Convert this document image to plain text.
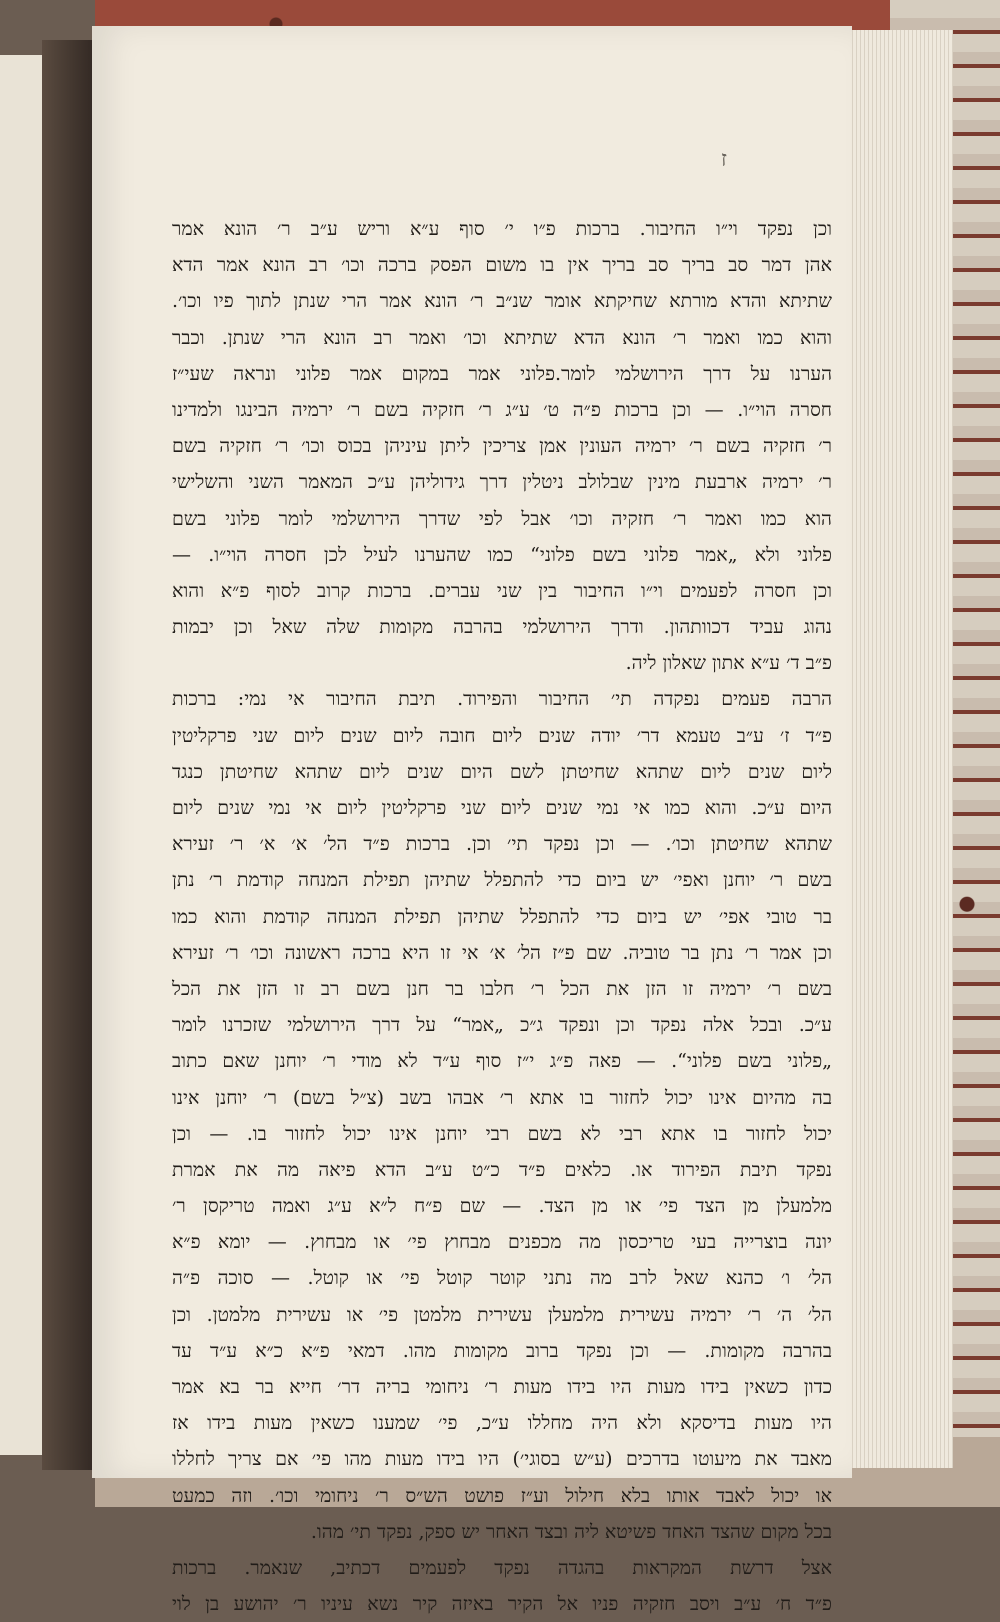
ז
וכן נפקד וי״ו החיבור. ברכות פ״ו י׳ סוף ע״א וריש ע״ב ר׳ הונא אמר
אהן דמר סב בריך סב בריך אין בו משום הפסק ברכה וכו׳ רב הונא אמר הדא
שתיתא והדא מורתא שחיקתא אומר שנ״ב ר׳ הונא אמר הרי שנתן לתוך פיו וכו׳.
והוא כמו ואמר ר׳ הונא הדא שתיתא וכו׳ ואמר רב הונא הרי שנתן. וכבר
הערנו על דרך הירושלמי לומר.פלוני אמר במקום אמר פלוני ונראה שעי״ז
חסרה הוי״ו. — וכן ברכות פ״ה ט׳ ע״ג ר׳ חזקיה בשם ר׳ ירמיה הבינגו ולמדינו
ר׳ חזקיה בשם ר׳ ירמיה העונין אמן צריכין ליתן עיניהן בכוס וכו׳ ר׳ חזקיה בשם
ר׳ ירמיה ארבעת מינין שבלולב ניטלין דרך גידוליהן ע״כ המאמר השני והשלישי
הוא כמו ואמר ר׳ חזקיה וכו׳ אבל לפי שדרך הירושלמי לומר פלוני בשם
פלוני ולא „אמר פלוני בשם פלוני“ כמו שהערנו לעיל לכן חסרה הוי״ו. —
וכן חסרה לפעמים וי״ו החיבור בין שני עברים. ברכות קרוב לסוף פ״א והוא
נהוג עביד דכוותהון. ודרך הירושלמי בהרבה מקומות שלה שאל וכן יבמות
פ״ב ד׳ ע״א אתון שאלון ליה.
הרבה פעמים נפקדה תי׳ החיבור והפירוד. תיבת החיבור אי נמי: ברכות
פ״ד ז׳ ע״ב טעמא דר׳ יודה שנים ליום חובה ליום שנים ליום שני פרקליטין
ליום שנים ליום שתהא שחיטתן לשם היום שנים ליום שתהא שחיטתן כנגד
היום ע״כ. והוא כמו אי נמי שנים ליום שני פרקליטין ליום אי נמי שנים ליום
שתהא שחיטתן וכו׳. — וכן נפקד תי׳ וכן. ברכות פ״ד הל׳ א׳ א׳ ר׳ זעירא
בשם ר׳ יוחנן ואפי׳ יש ביום כדי להתפלל שתיהן תפילת המנחה קודמת ר׳ נתן
בר טובי אפי׳ יש ביום כדי להתפלל שתיהן תפילת המנחה קודמת והוא כמו
וכן אמר ר׳ נתן בר טוביה. שם פ״ז הל׳ א׳ אי זו היא ברכה ראשונה וכו׳ ר׳ זעירא
בשם ר׳ ירמיה זו הזן את הכל ר׳ חלבו בר חנן בשם רב זו הזן את הכל
ע״כ. ובכל אלה נפקד וכן ונפקד ג״כ „אמר“ על דרך הירושלמי שזכרנו לומר
„פלוני בשם פלוני“. — פאה פ״ג י״ז סוף ע״ד לא מודי ר׳ יוחנן שאם כתוב
בה מהיום אינו יכול לחזור בו אתא ר׳ אבהו בשב (צ״ל בשם) ר׳ יוחנן אינו
יכול לחזור בו אתא רבי לא בשם רבי יוחנן אינו יכול לחזור בו. — וכן
נפקד תיבת הפירוד או. כלאים פ״ד כ״ט ע״ב הדא פיאה מה את אמרת
מלמעלן מן הצד פי׳ או מן הצד. — שם פ״ח ל״א ע״ג ואמה טריקסן ר׳
יונה בוצרייה בעי טריכסון מה מכפנים מבחוץ פי׳ או מבחוץ. — יומא פ״א
הל׳ ו׳ כהנא שאל לרב מה נתני קוטר קוטל פי׳ או קוטל. — סוכה פ״ה
הל׳ ה׳ ר׳ ירמיה עשירית מלמעלן עשירית מלמטן פי׳ או עשירית מלמטן. וכן
בהרבה מקומות. — וכן נפקד ברוב מקומות מהו. דמאי פ״א כ״א ע״ד עד
כדון כשאין בידו מעות היו בידו מעות ר׳ ניחומי בריה דר׳ חייא בר בא אמר
היו מעות בדיסקא ולא היה מחללו ע״כ, פי׳ שמענו כשאין מעות בידו אז
מאבד את מיעוטו בדרכים (ע״ש בסוגי׳) היו בידו מעות מהו פי׳ אם צריך לחללו
או יכול לאבד אותו בלא חילול וע״ז פושט הש״ס ר׳ ניחומי וכו׳. וזה כמעט
בכל מקום שהצד האחד פשיטא ליה ובצד האחר יש ספק, נפקד תי׳ מהו.
אצל דרשת המקראות בהגדה נפקד לפעמים דכתיב, שנאמר. ברכות
פ״ד ח׳ ע״ב ויסב חזקיה פניו אל הקיר באיזה קיר נשא עיניו ר׳ יהושע בן לוי
